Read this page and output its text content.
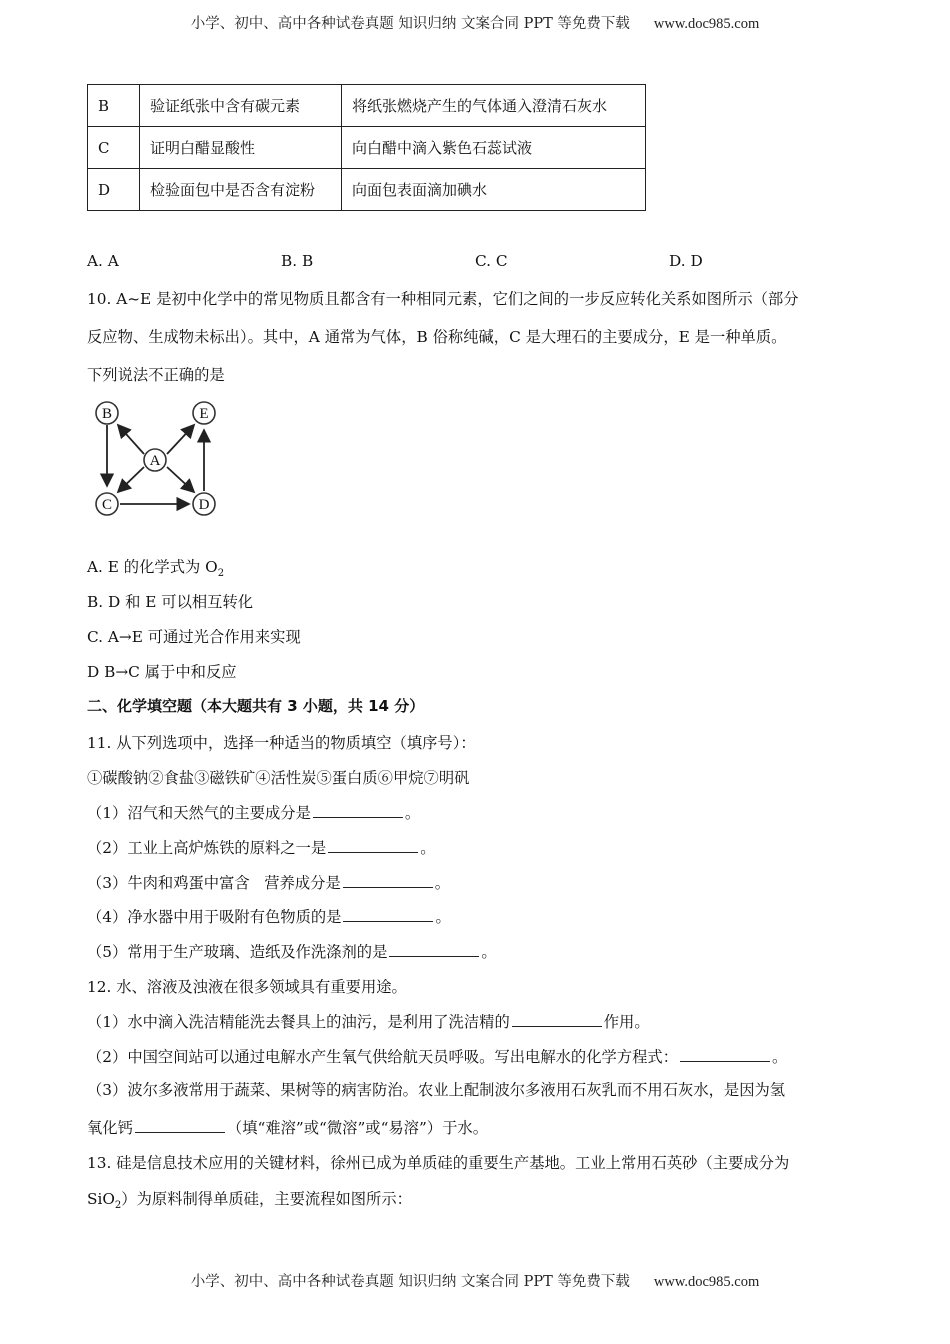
小学、初中、高中各种试卷真题 知识归纳 文案合同 PPT 等免费下载 www.doc985.com
B	验证纸张中含有碳元素	将纸张燃烧产生的气体通入澄清石灰水
C	证明白醋显酸性	向白醋中滴入紫色石蕊试液
D	检验面包中是否含有淀粉	向面包表面滴加碘水
A. A	B. B	C. C	D. D
10. A~E 是初中化学中的常见物质且都含有一种相同元素，它们之间的一步反应转化关系如图所示（部分
反应物、生成物未标出）。其中，A 通常为气体，B 俗称纯碱，C 是大理石的主要成分，E 是一种单质。
下列说法不正确的是
B	E
A
C	D
A. E 的化学式为 $O_2$
B. D 和 E 可以相互转化
C. A→E 可通过光合作用来实现
D B→C 属于中和反应
二、化学填空题（本大题共有 3 小题，共 14 分）
11. 从下列选项中，选择一种适当的物质填空（填序号）：
①碳酸钠②食盐③磁铁矿④活性炭⑤蛋白质⑥甲烷⑦明矾
（1）沼气和天然气的主要成分是	。
（2）工业上高炉炼铁的原料之一是	。
（3）牛肉和鸡蛋中富含   营养成分是	。
（4）净水器中用于吸附有色物质的是	。
（5）常用于生产玻璃、造纸及作洗涤剂的是	。
12. 水、溶液及浊液在很多领域具有重要用途。
（1）水中滴入洗洁精能洗去餐具上的油污，是利用了洗洁精的	作用。
（2）中国空间站可以通过电解水产生氧气供给航天员呼吸。写出电解水的化学方程式：	。
（3）波尔多液常用于蔬菜、果树等的病害防治。农业上配制波尔多液用石灰乳而不用石灰水，是因为氢
氧化钙	（填“难溶”或“微溶”或“易溶”）于水。
13. 硅是信息技术应用的关键材料，徐州已成为单质硅的重要生产基地。工业上常用石英砂（主要成分为
SiO$_2$）为原料制得单质硅，主要流程如图所示：
小学、初中、高中各种试卷真题 知识归纳 文案合同 PPT 等免费下载 www.doc985.com
